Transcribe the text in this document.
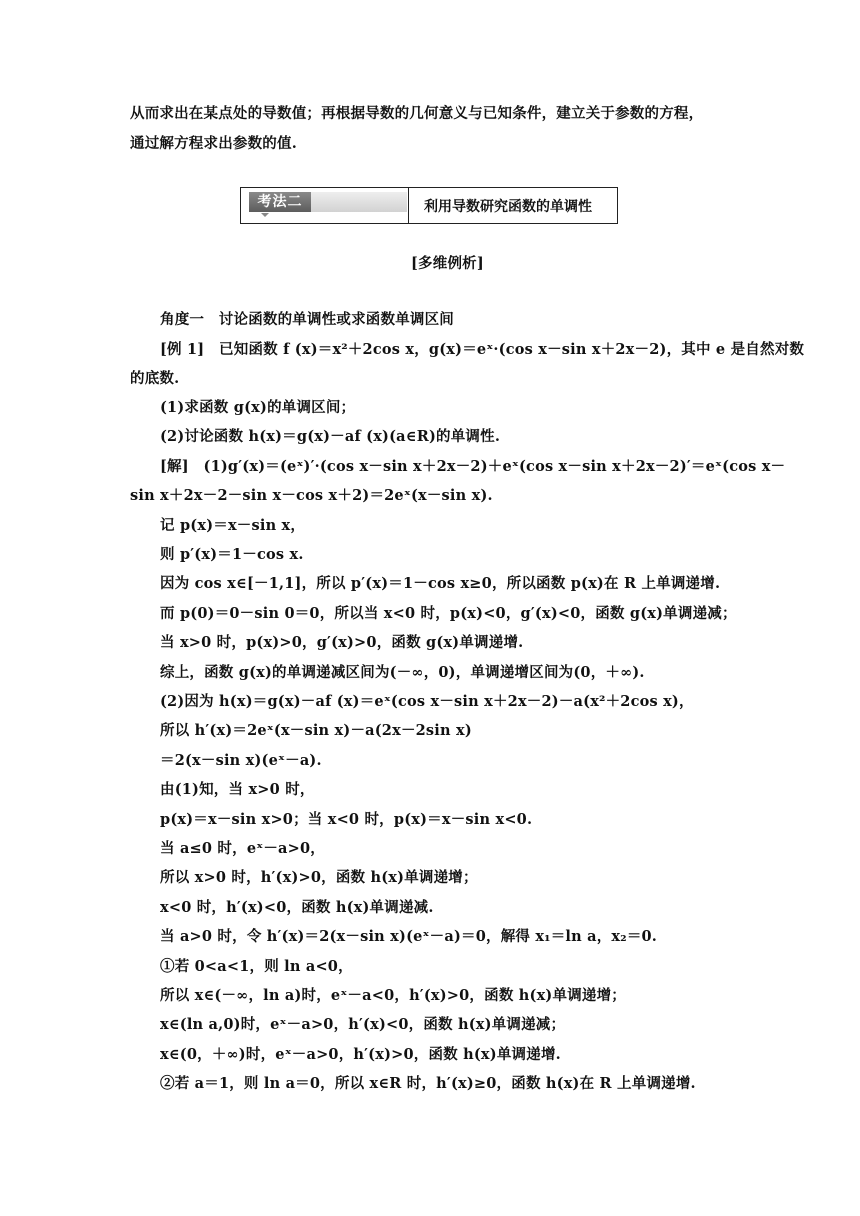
从而求出在某点处的导数值；再根据导数的几何意义与已知条件，建立关于参数的方程，
通过解方程求出参数的值.
考法二	利用导数研究函数的单调性
[多维例析]
角度一　讨论函数的单调性或求函数单调区间
[例 1]　已知函数 f (x)＝x²＋2cos x，g(x)＝eˣ·(cos x－sin x＋2x－2)，其中 e 是自然对数
的底数.
(1)求函数 g(x)的单调区间；
(2)讨论函数 h(x)＝g(x)－af (x)(a∈R)的单调性.
[解]　(1)g′(x)＝(eˣ)′·(cos x－sin x＋2x－2)＋eˣ(cos x－sin x＋2x－2)′＝eˣ(cos x－
sin x＋2x－2－sin x－cos x＋2)＝2eˣ(x－sin x).
记 p(x)＝x－sin x，
则 p′(x)＝1－cos x.
因为 cos x∈[－1,1]，所以 p′(x)＝1－cos x≥0，所以函数 p(x)在 R 上单调递增.
而 p(0)＝0－sin 0＝0，所以当 x<0 时，p(x)<0，g′(x)<0，函数 g(x)单调递减；
当 x>0 时，p(x)>0，g′(x)>0，函数 g(x)单调递增.
综上，函数 g(x)的单调递减区间为(－∞，0)，单调递增区间为(0，＋∞).
(2)因为 h(x)＝g(x)－af (x)＝eˣ(cos x－sin x＋2x－2)－a(x²＋2cos x)，
所以 h′(x)＝2eˣ(x－sin x)－a(2x－2sin x)
＝2(x－sin x)(eˣ－a).
由(1)知，当 x>0 时，
p(x)＝x－sin x>0；当 x<0 时，p(x)＝x－sin x<0.
当 a≤0 时，eˣ－a>0，
所以 x>0 时，h′(x)>0，函数 h(x)单调递增；
x<0 时，h′(x)<0，函数 h(x)单调递减.
当 a>0 时，令 h′(x)＝2(x－sin x)(eˣ－a)＝0，解得 x₁＝ln a，x₂＝0.
①若 0<a<1，则 ln a<0，
所以 x∈(－∞，ln a)时，eˣ－a<0，h′(x)>0，函数 h(x)单调递增；
x∈(ln a,0)时，eˣ－a>0，h′(x)<0，函数 h(x)单调递减；
x∈(0，＋∞)时，eˣ－a>0，h′(x)>0，函数 h(x)单调递增.
②若 a＝1，则 ln a＝0，所以 x∈R 时，h′(x)≥0，函数 h(x)在 R 上单调递增.
